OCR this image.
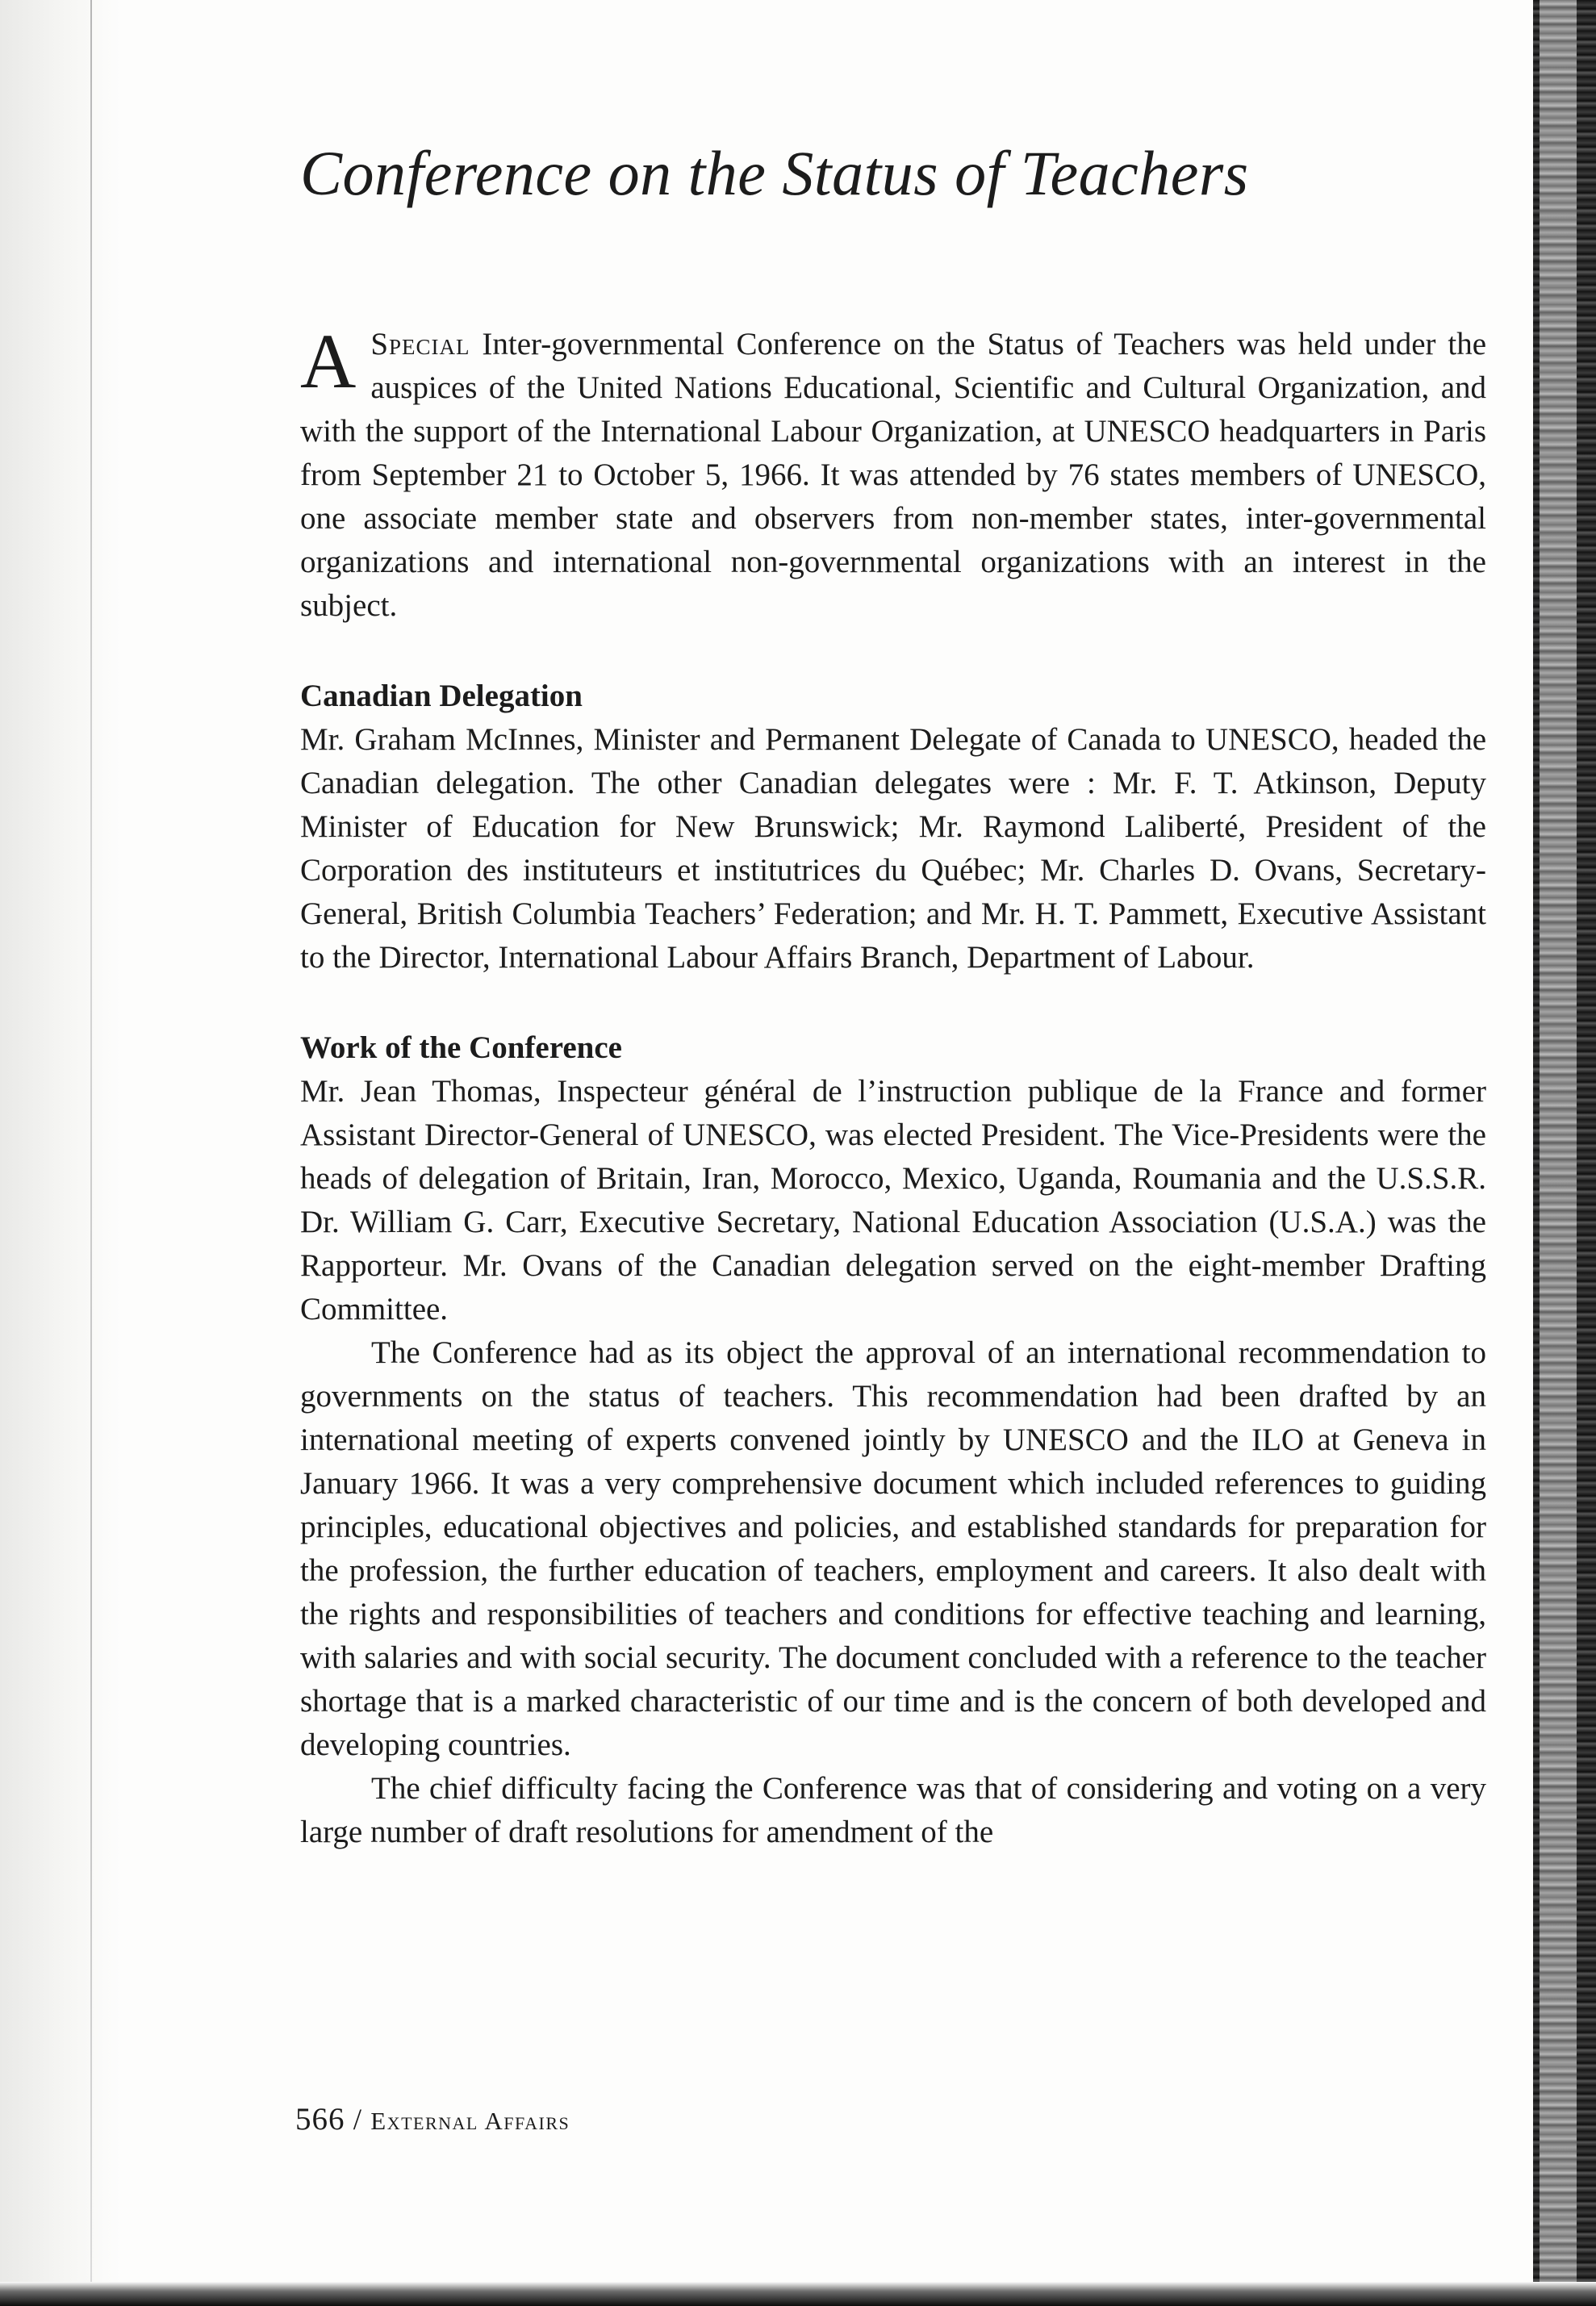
Conference on the Status of Teachers

A Special Inter-governmental Conference on the Status of Teachers was held under the auspices of the United Nations Educational, Scientific and Cultural Organization, and with the support of the International Labour Organization, at UNESCO headquarters in Paris from September 21 to October 5, 1966. It was attended by 76 states members of UNESCO, one associate member state and observers from non-member states, inter-governmental organizations and international non-governmental organizations with an interest in the subject.

Canadian Delegation

Mr. Graham McInnes, Minister and Permanent Delegate of Canada to UNESCO, headed the Canadian delegation. The other Canadian delegates were : Mr. F. T. Atkinson, Deputy Minister of Education for New Brunswick; Mr. Raymond Laliberté, President of the Corporation des instituteurs et institutrices du Québec; Mr. Charles D. Ovans, Secretary-General, British Columbia Teachers’ Federation; and Mr. H. T. Pammett, Executive Assistant to the Director, International Labour Affairs Branch, Department of Labour.

Work of the Conference

Mr. Jean Thomas, Inspecteur général de l’instruction publique de la France and former Assistant Director-General of UNESCO, was elected President. The Vice-Presidents were the heads of delegation of Britain, Iran, Morocco, Mexico, Uganda, Roumania and the U.S.S.R. Dr. William G. Carr, Executive Secretary, National Education Association (U.S.A.) was the Rapporteur. Mr. Ovans of the Canadian delegation served on the eight-member Drafting Committee.

The Conference had as its object the approval of an international recommendation to governments on the status of teachers. This recommendation had been drafted by an international meeting of experts convened jointly by UNESCO and the ILO at Geneva in January 1966. It was a very comprehensive document which included references to guiding principles, educational objectives and policies, and established standards for preparation for the profession, the further education of teachers, employment and careers. It also dealt with the rights and responsibilities of teachers and conditions for effective teaching and learning, with salaries and with social security. The document concluded with a reference to the teacher shortage that is a marked characteristic of our time and is the concern of both developed and developing countries.

The chief difficulty facing the Conference was that of considering and voting on a very large number of draft resolutions for amendment of the

566 / External Affairs
